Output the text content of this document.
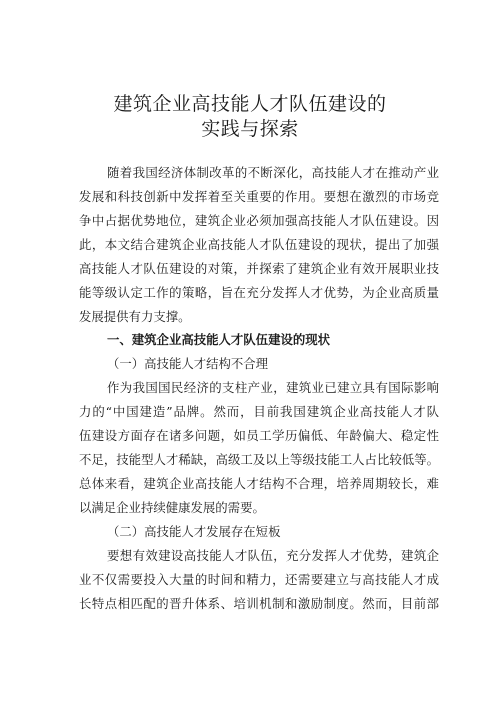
建筑企业高技能人才队伍建设的
实践与探索
随着我国经济体制改革的不断深化，高技能人才在推动产业
发展和科技创新中发挥着至关重要的作用。要想在激烈的市场竞
争中占据优势地位，建筑企业必须加强高技能人才队伍建设。因
此，本文结合建筑企业高技能人才队伍建设的现状，提出了加强
高技能人才队伍建设的对策，并探索了建筑企业有效开展职业技
能等级认定工作的策略，旨在充分发挥人才优势，为企业高质量
发展提供有力支撑。
一、建筑企业高技能人才队伍建设的现状
（一）高技能人才结构不合理
作为我国国民经济的支柱产业，建筑业已建立具有国际影响
力的“中国建造”品牌。然而，目前我国建筑企业高技能人才队
伍建设方面存在诸多问题，如员工学历偏低、年龄偏大、稳定性
不足，技能型人才稀缺，高级工及以上等级技能工人占比较低等。
总体来看，建筑企业高技能人才结构不合理，培养周期较长，难
以满足企业持续健康发展的需要。
（二）高技能人才发展存在短板
要想有效建设高技能人才队伍，充分发挥人才优势，建筑企
业不仅需要投入大量的时间和精力，还需要建立与高技能人才成
长特点相匹配的晋升体系、培训机制和激励制度。然而，目前部
